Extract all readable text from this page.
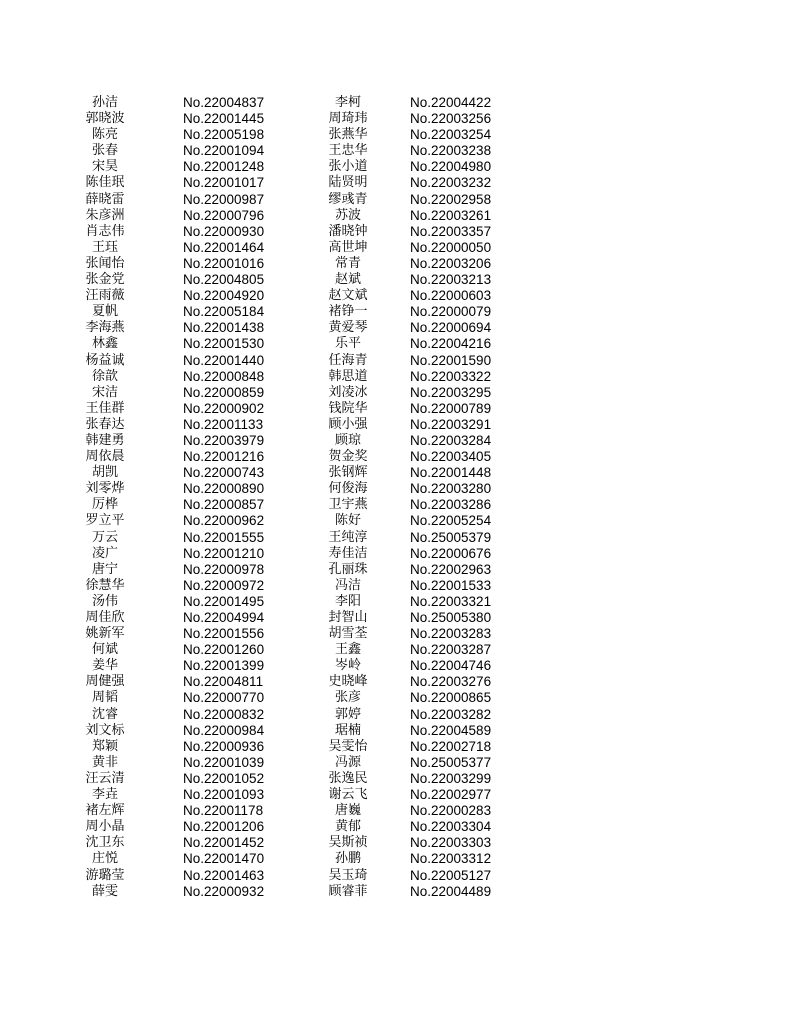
孙洁	No.22004837	李柯	No.22004422
郭晓波	No.22001445	周琦玮	No.22003256
陈亮	No.22005198	张燕华	No.22003254
张春	No.22001094	王忠华	No.22003238
宋昊	No.22001248	张小道	No.22004980
陈佳珉	No.22001017	陆贤明	No.22003232
薛晓雷	No.22000987	缪彧青	No.22002958
朱彦洲	No.22000796	苏波	No.22003261
肖志伟	No.22000930	潘晓钟	No.22003357
王珏	No.22001464	高世坤	No.22000050
张闻怡	No.22001016	常青	No.22003206
张金党	No.22004805	赵斌	No.22003213
汪雨薇	No.22004920	赵文斌	No.22000603
夏帆	No.22005184	褚铮一	No.22000079
李海燕	No.22001438	黄爱琴	No.22000694
林鑫	No.22001530	乐平	No.22004216
杨益诚	No.22001440	任海青	No.22001590
徐歆	No.22000848	韩思道	No.22003322
宋洁	No.22000859	刘凌冰	No.22003295
王佳群	No.22000902	钱院华	No.22000789
张春达	No.22001133	顾小强	No.22003291
韩建勇	No.22003979	顾琼	No.22003284
周依晨	No.22001216	贺金奖	No.22003405
胡凯	No.22000743	张钢辉	No.22001448
刘零烨	No.22000890	何俊海	No.22003280
厉桦	No.22000857	卫宇燕	No.22003286
罗立平	No.22000962	陈好	No.22005254
万云	No.22001555	王纯淳	No.25005379
凌广	No.22001210	寿佳洁	No.22000676
唐宁	No.22000978	孔丽珠	No.22002963
徐慧华	No.22000972	冯洁	No.22001533
汤伟	No.22001495	李阳	No.22003321
周佳欣	No.22004994	封智山	No.25005380
姚新军	No.22001556	胡雪荃	No.22003283
何斌	No.22001260	王鑫	No.22003287
姜华	No.22001399	岑岭	No.22004746
周健强	No.22004811	史晓峰	No.22003276
周韬	No.22000770	张彦	No.22000865
沈睿	No.22000832	郭婷	No.22003282
刘文标	No.22000984	琚楠	No.22004589
郑颖	No.22000936	吴雯怡	No.22002718
黄非	No.22001039	冯源	No.25005377
汪云清	No.22001052	张逸民	No.22003299
李垚	No.22001093	谢云飞	No.22002977
褚左辉	No.22001178	唐巍	No.22000283
周小晶	No.22001206	黄郁	No.22003304
沈卫东	No.22001452	吴斯祯	No.22003303
庄悦	No.22001470	孙鹏	No.22003312
游璐莹	No.22001463	吴玉琦	No.22005127
薛雯	No.22000932	顾睿菲	No.22004489
